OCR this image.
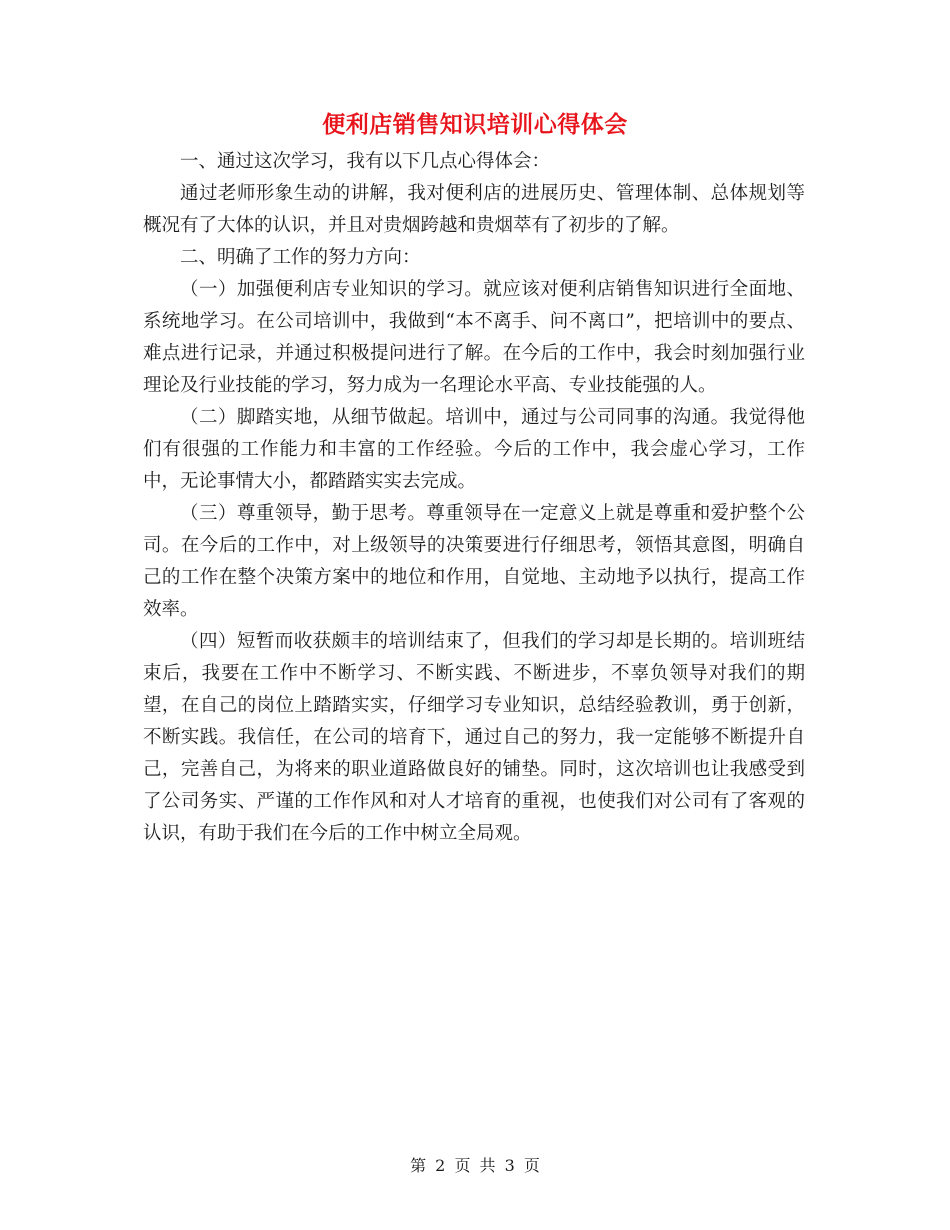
便利店销售知识培训心得体会

一、通过这次学习，我有以下几点心得体会：

通过老师形象生动的讲解，我对便利店的进展历史、管理体制、总体规划等概况有了大体的认识，并且对贵烟跨越和贵烟萃有了初步的了解。

二、明确了工作的努力方向：

（一）加强便利店专业知识的学习。就应该对便利店销售知识进行全面地、系统地学习。在公司培训中，我做到“本不离手、问不离口”，把培训中的要点、难点进行记录，并通过积极提问进行了解。在今后的工作中，我会时刻加强行业理论及行业技能的学习，努力成为一名理论水平高、专业技能强的人。

（二）脚踏实地，从细节做起。培训中，通过与公司同事的沟通。我觉得他们有很强的工作能力和丰富的工作经验。今后的工作中，我会虚心学习，工作中，无论事情大小，都踏踏实实去完成。

（三）尊重领导，勤于思考。尊重领导在一定意义上就是尊重和爱护整个公司。在今后的工作中，对上级领导的决策要进行仔细思考，领悟其意图，明确自己的工作在整个决策方案中的地位和作用，自觉地、主动地予以执行，提高工作效率。

（四）短暂而收获颇丰的培训结束了，但我们的学习却是长期的。培训班结束后，我要在工作中不断学习、不断实践、不断进步，不辜负领导对我们的期望，在自己的岗位上踏踏实实，仔细学习专业知识，总结经验教训，勇于创新，不断实践。我信任，在公司的培育下，通过自己的努力，我一定能够不断提升自己，完善自己，为将来的职业道路做良好的铺垫。同时，这次培训也让我感受到了公司务实、严谨的工作作风和对人才培育的重视，也使我们对公司有了客观的认识，有助于我们在今后的工作中树立全局观。

第 2 页 共 3 页
